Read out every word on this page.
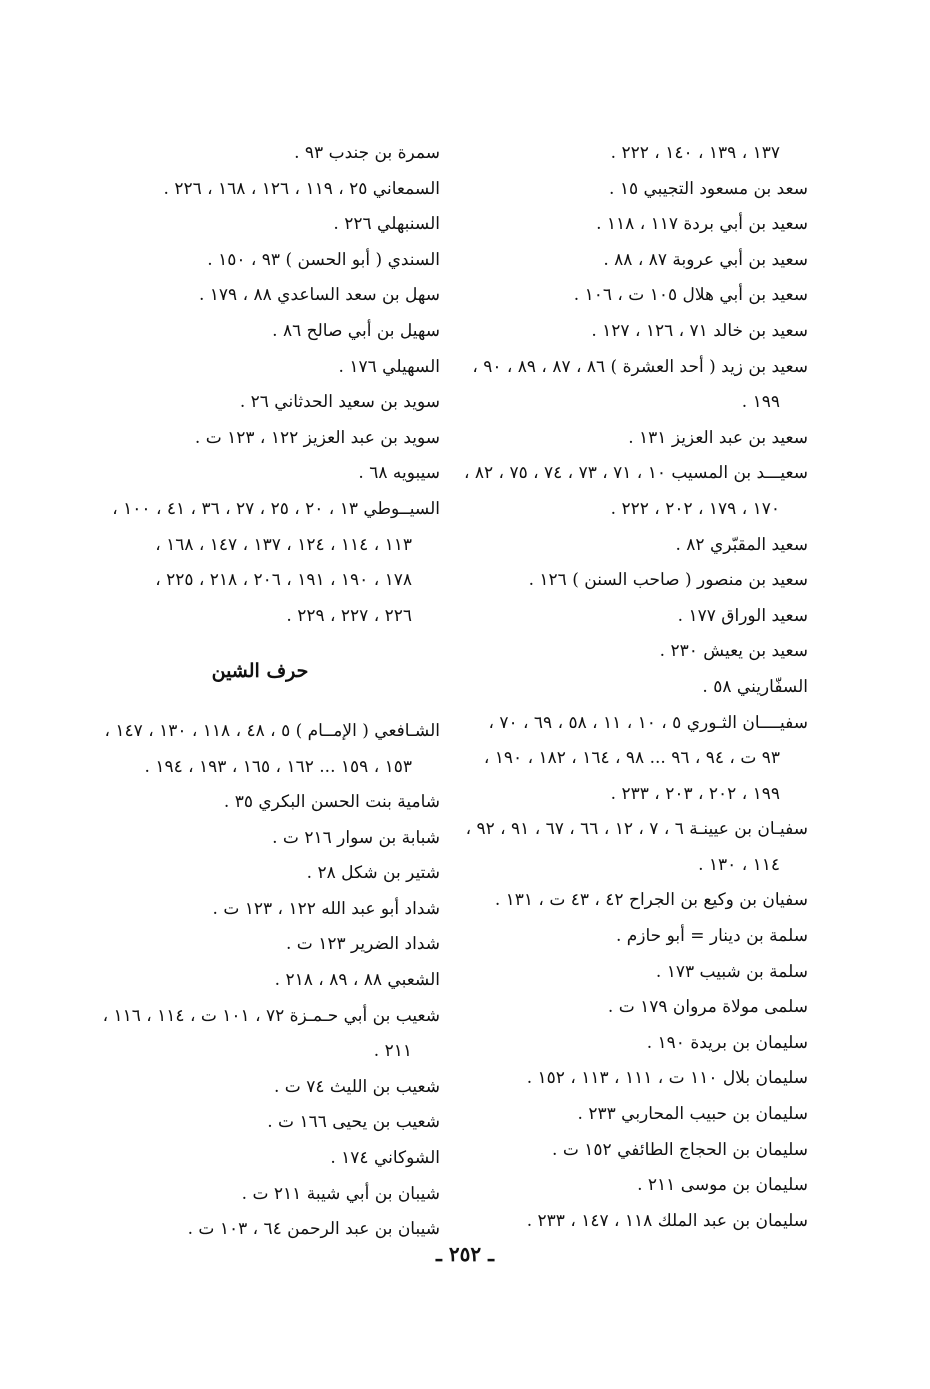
١٣٧ ، ١٣٩ ، ١٤٠ ، ٢٢٢ .
سعد بن مسعود التجيبي ١٥ .
سعيد بن أبي بردة ١١٧ ، ١١٨ .
سعيد بن أبي عروبة ٨٧ ، ٨٨ .
سعيد بن أبي هلال ١٠٥ ت ، ١٠٦ .
سعيد بن خالد ٧١ ، ١٢٦ ، ١٢٧ .
سعيد بن زيد ( أحد العشرة ) ٨٦ ، ٨٧ ، ٨٩ ، ٩٠ ،
١٩٩ .
سعيد بن عبد العزيز ١٣١ .
سعيـــد بن المسيب ١٠ ، ٧١ ، ٧٣ ، ٧٤ ، ٧٥ ، ٨٢ ،
١٧٠ ، ١٧٩ ، ٢٠٢ ، ٢٢٢ .
سعيد المقبّري ٨٢ .
سعيد بن منصور ( صاحب السنن ) ١٢٦ .
سعيد الوراق ١٧٧ .
سعيد بن يعيش ٢٣٠ .
السفّاريني ٥٨ .
سفيــــان الثـوري ٥ ، ١٠ ، ١١ ، ٥٨ ، ٦٩ ، ٧٠ ،
٩٣ ت ، ٩٤ ، ٩٦ ... ٩٨ ، ١٦٤ ، ١٨٢ ، ١٩٠ ،
١٩٩ ، ٢٠٢ ، ٢٠٣ ، ٢٣٣ .
سفيـان بن عيينـة ٦ ، ٧ ، ١٢ ، ٦٦ ، ٦٧ ، ٩١ ، ٩٢ ،
١١٤ ، ١٣٠ .
سفيان بن وكيع بن الجراح ٤٢ ، ٤٣ ت ، ١٣١ .
سلمة بن دينار = أبو حازم .
سلمة بن شبيب ١٧٣ .
سلمى مولاة مروان ١٧٩ ت .
سليمان بن بريدة ١٩٠ .
سليمان بلال ١١٠ ت ، ١١١ ، ١١٣ ، ١٥٢ .
سليمان بن حبيب المحاربي ٢٣٣ .
سليمان بن الحجاج الطائفي ١٥٢ ت .
سليمان بن موسى ٢١١ .
سليمان بن عبد الملك ١١٨ ، ١٤٧ ، ٢٣٣ .
سمرة بن جندب ٩٣ .
السمعاني ٢٥ ، ١١٩ ، ١٢٦ ، ١٦٨ ، ٢٢٦ .
السنبهلي ٢٢٦ .
السندي ( أبو الحسن ) ٩٣ ، ١٥٠ .
سهل بن سعد الساعدي ٨٨ ، ١٧٩ .
سهيل بن أبي صالح ٨٦ .
السهيلي ١٧٦ .
سويد بن سعيد الحدثاني ٢٦ .
سويد بن عبد العزيز ١٢٢ ، ١٢٣ ت .
سيبويه ٦٨ .
السيــوطي ١٣ ، ٢٠ ، ٢٥ ، ٢٧ ، ٣٦ ، ٤١ ، ١٠٠ ،
١١٣ ، ١١٤ ، ١٢٤ ، ١٣٧ ، ١٤٧ ، ١٦٨ ،
١٧٨ ، ١٩٠ ، ١٩١ ، ٢٠٦ ، ٢١٨ ، ٢٢٥ ،
٢٢٦ ، ٢٢٧ ، ٢٢٩ .
حرف الشين
الشـافعي ( الإمــام ) ٥ ، ٤٨ ، ١١٨ ، ١٣٠ ، ١٤٧ ،
١٥٣ ، ١٥٩ ... ١٦٢ ، ١٦٥ ، ١٩٣ ، ١٩٤ .
شامية بنت الحسن البكري ٣٥ .
شبابة بن سوار ٢١٦ ت .
شتير بن شكل ٢٨ .
شداد أبو عبد الله ١٢٢ ، ١٢٣ ت .
شداد الضرير ١٢٣ ت .
الشعبي ٨٨ ، ٨٩ ، ٢١٨ .
شعيب بن أبي حـمـزة ٧٢ ، ١٠١ ت ، ١١٤ ، ١١٦ ،
٢١١ .
شعيب بن الليث ٧٤ ت .
شعيب بن يحيى ١٦٦ ت .
الشوكاني ١٧٤ .
شيبان بن أبي شيبة ٢١١ ت .
شيبان بن عبد الرحمن ٦٤ ، ١٠٣ ت .
ـ ٢٥٢ ـ
